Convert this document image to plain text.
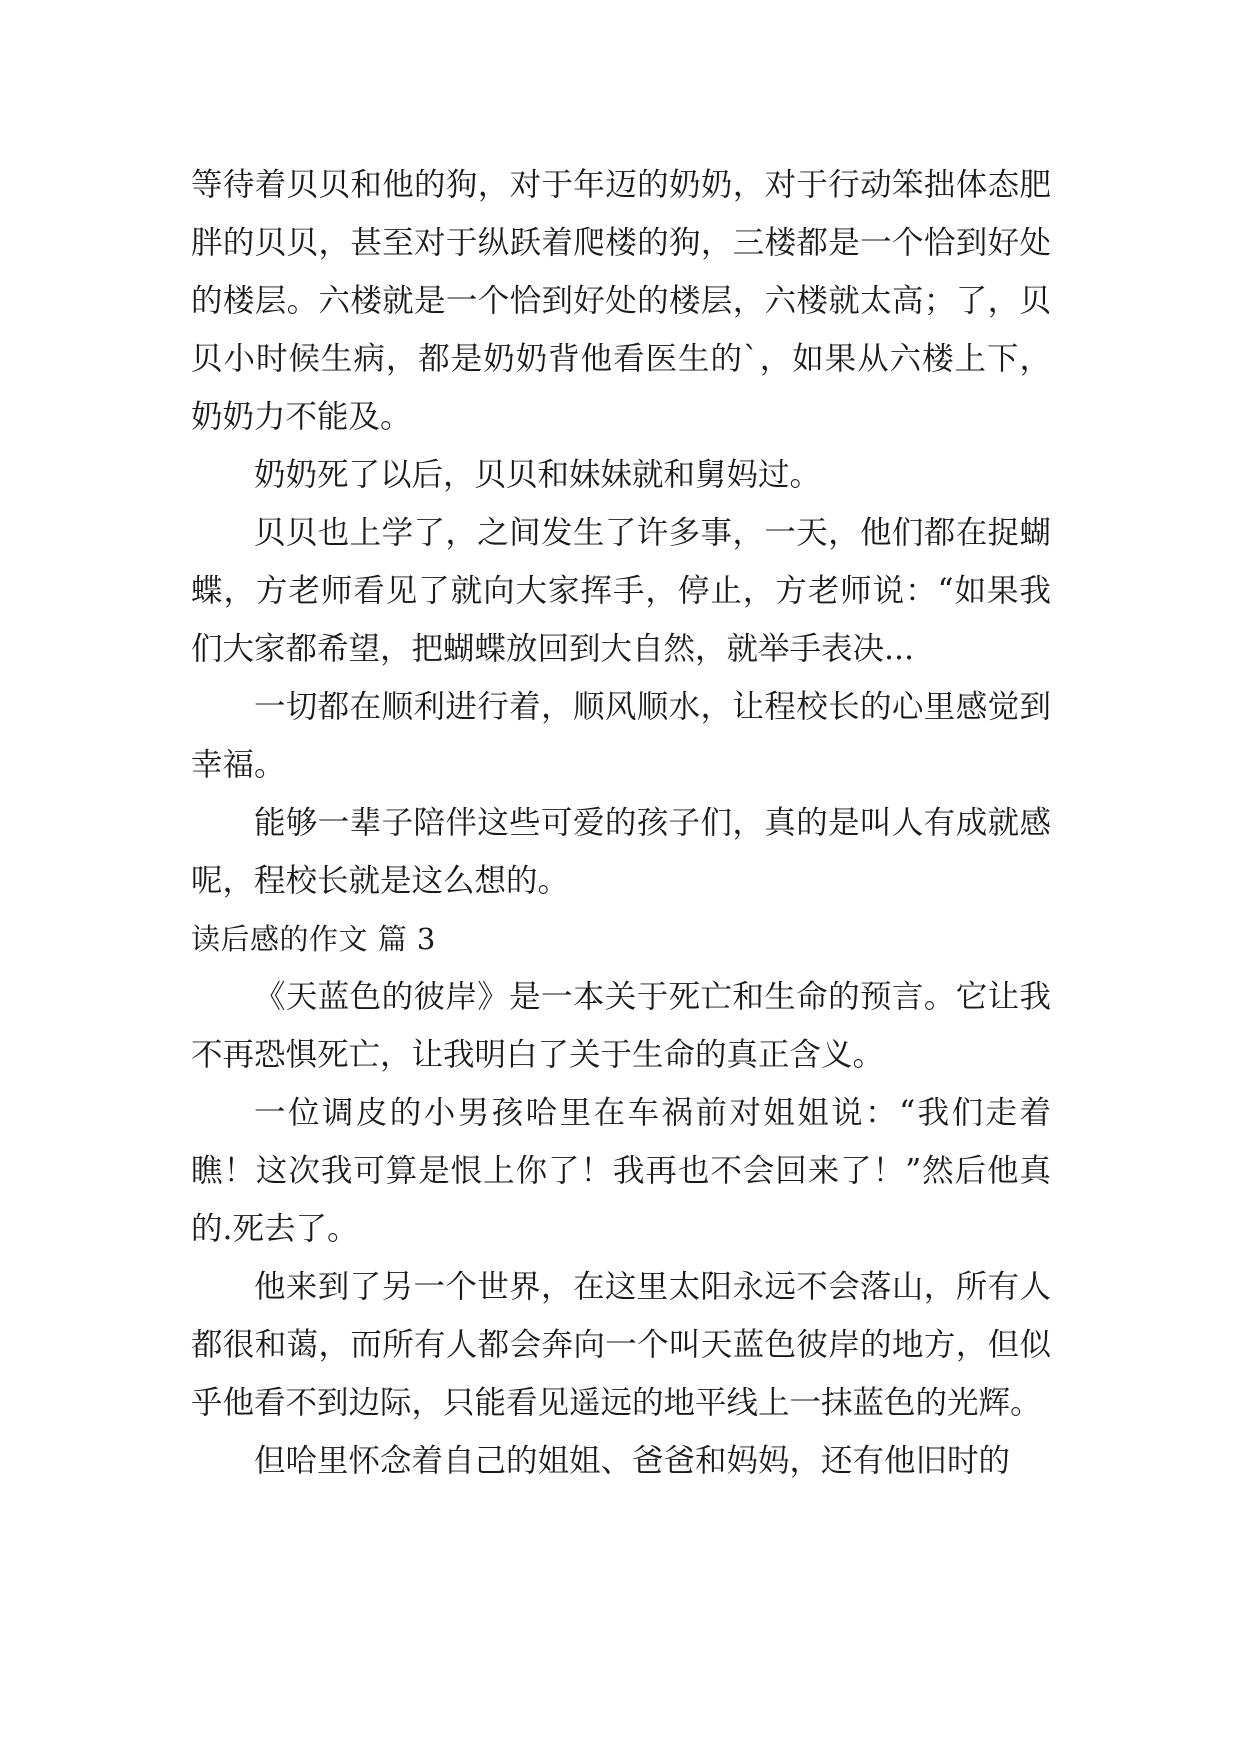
等待着贝贝和他的狗，对于年迈的奶奶，对于行动笨拙体态肥胖的贝贝，甚至对于纵跃着爬楼的狗，三楼都是一个恰到好处的楼层。六楼就是一个恰到好处的楼层，六楼就太高；了，贝贝小时候生病，都是奶奶背他看医生的`，如果从六楼上下，奶奶力不能及。

奶奶死了以后，贝贝和妹妹就和舅妈过。

贝贝也上学了，之间发生了许多事，一天，他们都在捉蝴蝶，方老师看见了就向大家挥手，停止，方老师说：“如果我们大家都希望，把蝴蝶放回到大自然，就举手表决...

一切都在顺利进行着，顺风顺水，让程校长的心里感觉到幸福。

能够一辈子陪伴这些可爱的孩子们，真的是叫人有成就感呢，程校长就是这么想的。

读后感的作文 篇 3

《天蓝色的彼岸》是一本关于死亡和生命的预言。它让我不再恐惧死亡，让我明白了关于生命的真正含义。

一位调皮的小男孩哈里在车祸前对姐姐说：“我们走着瞧！这次我可算是恨上你了！我再也不会回来了！”然后他真的.死去了。

他来到了另一个世界，在这里太阳永远不会落山，所有人都很和蔼，而所有人都会奔向一个叫天蓝色彼岸的地方，但似乎他看不到边际，只能看见遥远的地平线上一抹蓝色的光辉。

但哈里怀念着自己的姐姐、爸爸和妈妈，还有他旧时的
